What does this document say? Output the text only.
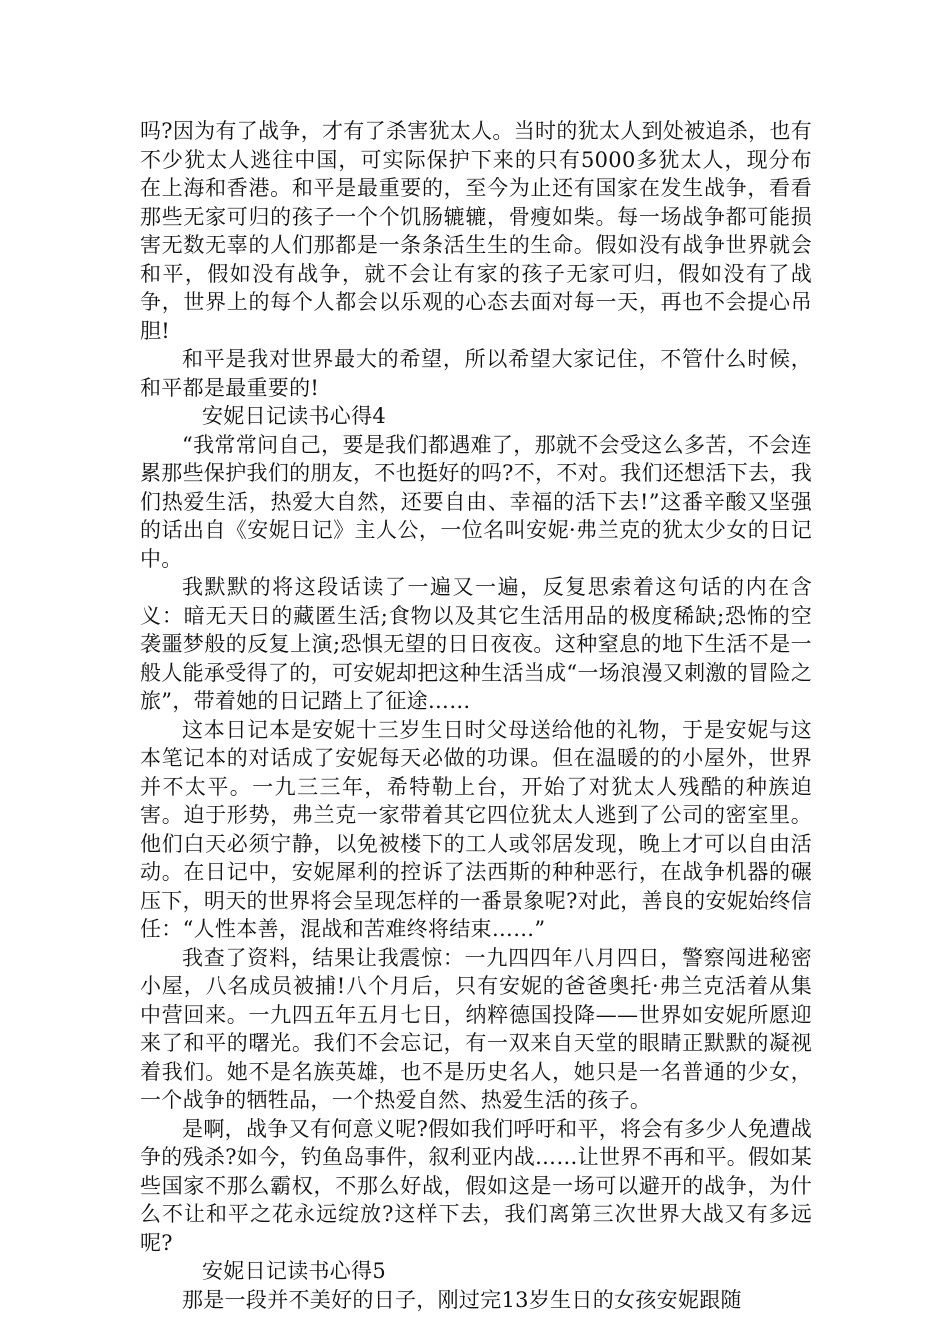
吗?因为有了战争，才有了杀害犹太人。当时的犹太人到处被追杀，也有不少犹太人逃往中国，可实际保护下来的只有5000多犹太人，现分布在上海和香港。和平是最重要的，至今为止还有国家在发生战争，看看那些无家可归的孩子一个个饥肠辘辘，骨瘦如柴。每一场战争都可能损害无数无辜的人们那都是一条条活生生的生命。假如没有战争世界就会和平，假如没有战争，就不会让有家的孩子无家可归，假如没有了战争，世界上的每个人都会以乐观的心态去面对每一天，再也不会提心吊胆!

和平是我对世界最大的希望，所以希望大家记住，不管什么时候，和平都是最重要的!

安妮日记读书心得4

“我常常问自己，要是我们都遇难了，那就不会受这么多苦，不会连累那些保护我们的朋友，不也挺好的吗?不，不对。我们还想活下去，我们热爱生活，热爱大自然，还要自由、幸福的活下去!”这番辛酸又坚强的话出自《安妮日记》主人公，一位名叫安妮·弗兰克的犹太少女的日记中。

我默默的将这段话读了一遍又一遍，反复思索着这句话的内在含义：暗无天日的藏匿生活;食物以及其它生活用品的极度稀缺;恐怖的空袭噩梦般的反复上演;恐惧无望的日日夜夜。这种窒息的地下生活不是一般人能承受得了的，可安妮却把这种生活当成“一场浪漫又刺激的冒险之旅”，带着她的日记踏上了征途……

这本日记本是安妮十三岁生日时父母送给他的礼物，于是安妮与这本笔记本的对话成了安妮每天必做的功课。但在温暖的的小屋外，世界并不太平。一九三三年，希特勒上台，开始了对犹太人残酷的种族迫害。迫于形势，弗兰克一家带着其它四位犹太人逃到了公司的密室里。他们白天必须宁静，以免被楼下的工人或邻居发现，晚上才可以自由活动。在日记中，安妮犀利的控诉了法西斯的种种恶行，在战争机器的碾压下，明天的世界将会呈现怎样的一番景象呢?对此，善良的安妮始终信任：“人性本善，混战和苦难终将结束……”

我查了资料，结果让我震惊：一九四四年八月四日，警察闯进秘密小屋，八名成员被捕!八个月后，只有安妮的爸爸奥托·弗兰克活着从集中营回来。一九四五年五月七日，纳粹德国投降——世界如安妮所愿迎来了和平的曙光。我们不会忘记，有一双来自天堂的眼睛正默默的凝视着我们。她不是名族英雄，也不是历史名人，她只是一名普通的少女，一个战争的牺牲品，一个热爱自然、热爱生活的孩子。

是啊，战争又有何意义呢?假如我们呼吁和平，将会有多少人免遭战争的残杀?如今，钓鱼岛事件，叙利亚内战……让世界不再和平。假如某些国家不那么霸权，不那么好战，假如这是一场可以避开的战争，为什么不让和平之花永远绽放?这样下去，我们离第三次世界大战又有多远呢?

安妮日记读书心得5

那是一段并不美好的日子，刚过完13岁生日的女孩安妮跟随
